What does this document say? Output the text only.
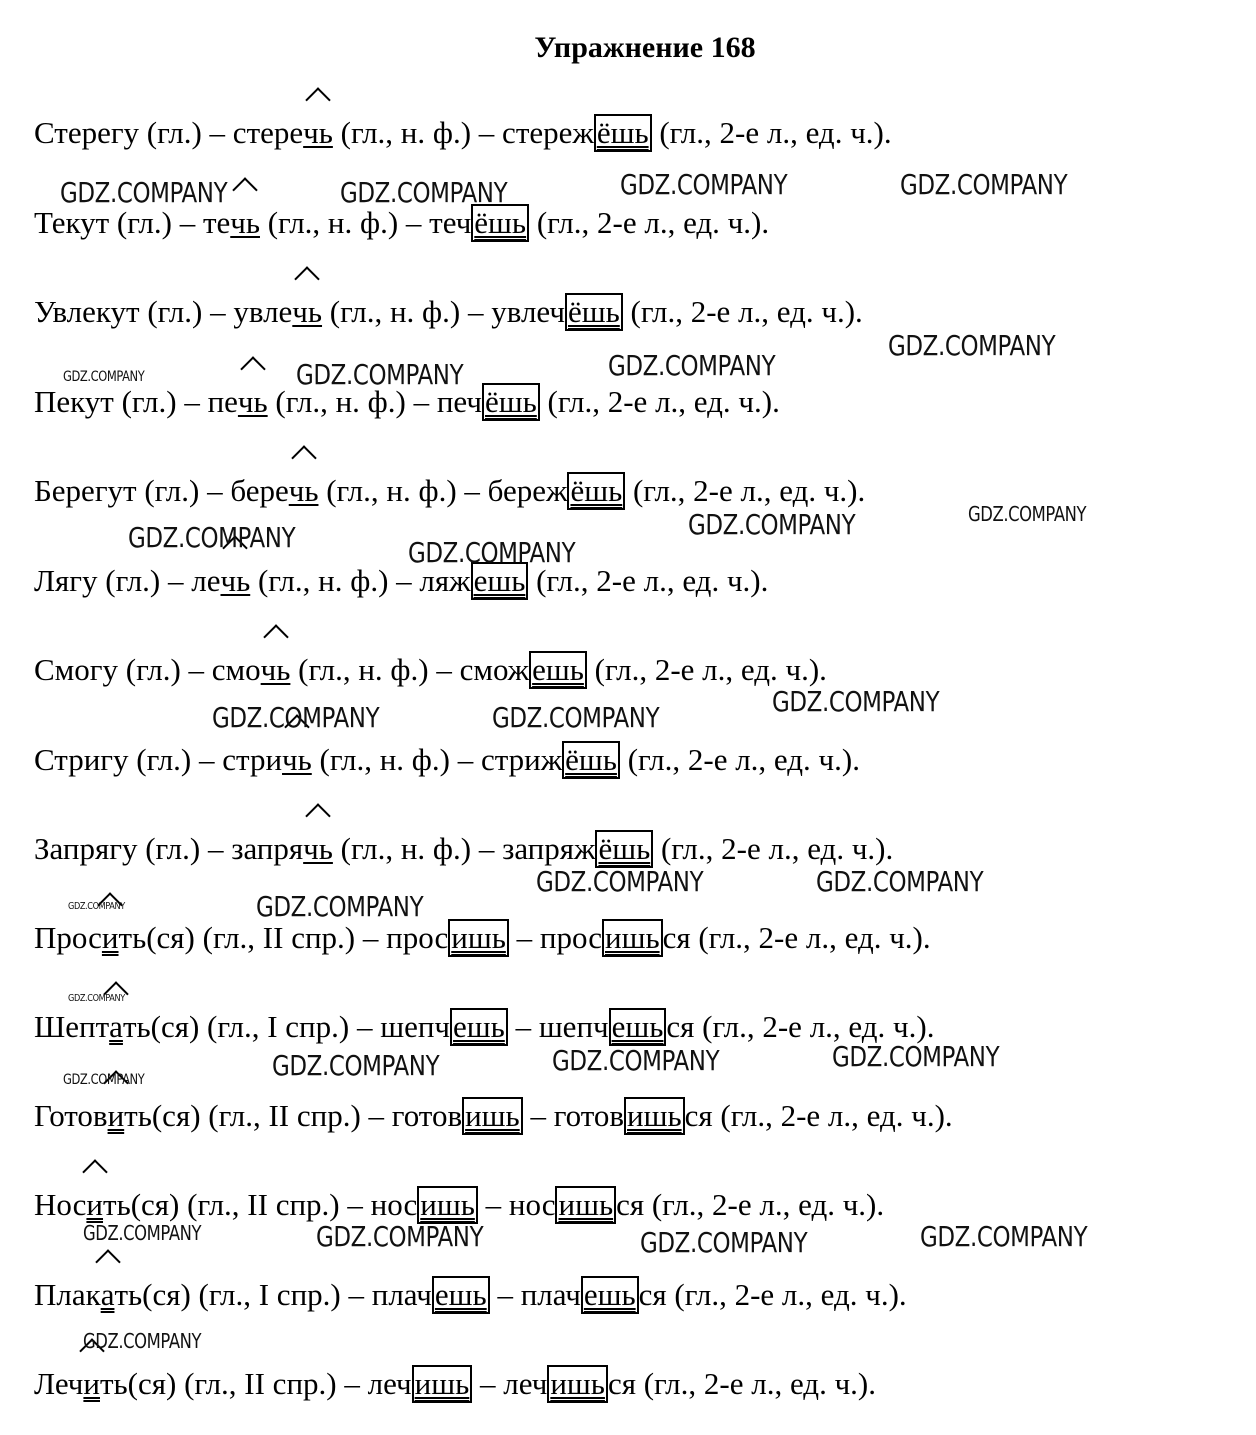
Упражнение 168
Стерегу (гл.) – стеречь (гл., н. ф.) – стережёшь (гл., 2-е л., ед. ч.).
Текут (гл.) – течь (гл., н. ф.) – течёшь (гл., 2-е л., ед. ч.).
Увлекут (гл.) – увлечь (гл., н. ф.) – увлечёшь (гл., 2-е л., ед. ч.).
Пекут (гл.) – печь (гл., н. ф.) – печёшь (гл., 2-е л., ед. ч.).
Берегут (гл.) – беречь (гл., н. ф.) – бережёшь (гл., 2-е л., ед. ч.).
Лягу (гл.) – лечь (гл., н. ф.) – ляжешь (гл., 2-е л., ед. ч.).
Смогу (гл.) – смочь (гл., н. ф.) – сможешь (гл., 2-е л., ед. ч.).
Стригу (гл.) – стричь (гл., н. ф.) – стрижёшь (гл., 2-е л., ед. ч.).
Запрягу (гл.) – запрячь (гл., н. ф.) – запряжёшь (гл., 2-е л., ед. ч.).
Просить(ся) (гл., II спр.) – просишь – просишься (гл., 2-е л., ед. ч.).
Шептать(ся) (гл., I спр.) – шепчешь – шепчешься (гл., 2-е л., ед. ч.).
Готовить(ся) (гл., II спр.) – готовишь – готовишься (гл., 2-е л., ед. ч.).
Носить(ся) (гл., II спр.) – носишь – носишься (гл., 2-е л., ед. ч.).
Плакать(ся) (гл., I спр.) – плачешь – плачешься (гл., 2-е л., ед. ч.).
Лечить(ся) (гл., II спр.) – лечишь – лечишься (гл., 2-е л., ед. ч.).
GDZ.COMPANY	GDZ.COMPANY	GDZ.COMPANY	GDZ.COMPANY
GDZ.COMPANY	GDZ.COMPANY	GDZ.COMPANY
GDZ.COMPANY
GDZ.COMPANY
GDZ.COMPANY
GDZ.COMPANY	GDZ.COMPANY
GDZ.COMPANY
GDZ.COMPANY	GDZ.COMPANY
GDZ.COMPANY	GDZ.COMPANY
GDZ.COMPANY	GDZ.COMPANY
GDZ.COMPANY
GDZ.COMPANY
GDZ.COMPANY	GDZ.COMPANY
GDZ.COMPANY
GDZ.COMPANY	GDZ.COMPANY	GDZ.COMPANY	GDZ.COMPANY
GDZ.COMPANY
